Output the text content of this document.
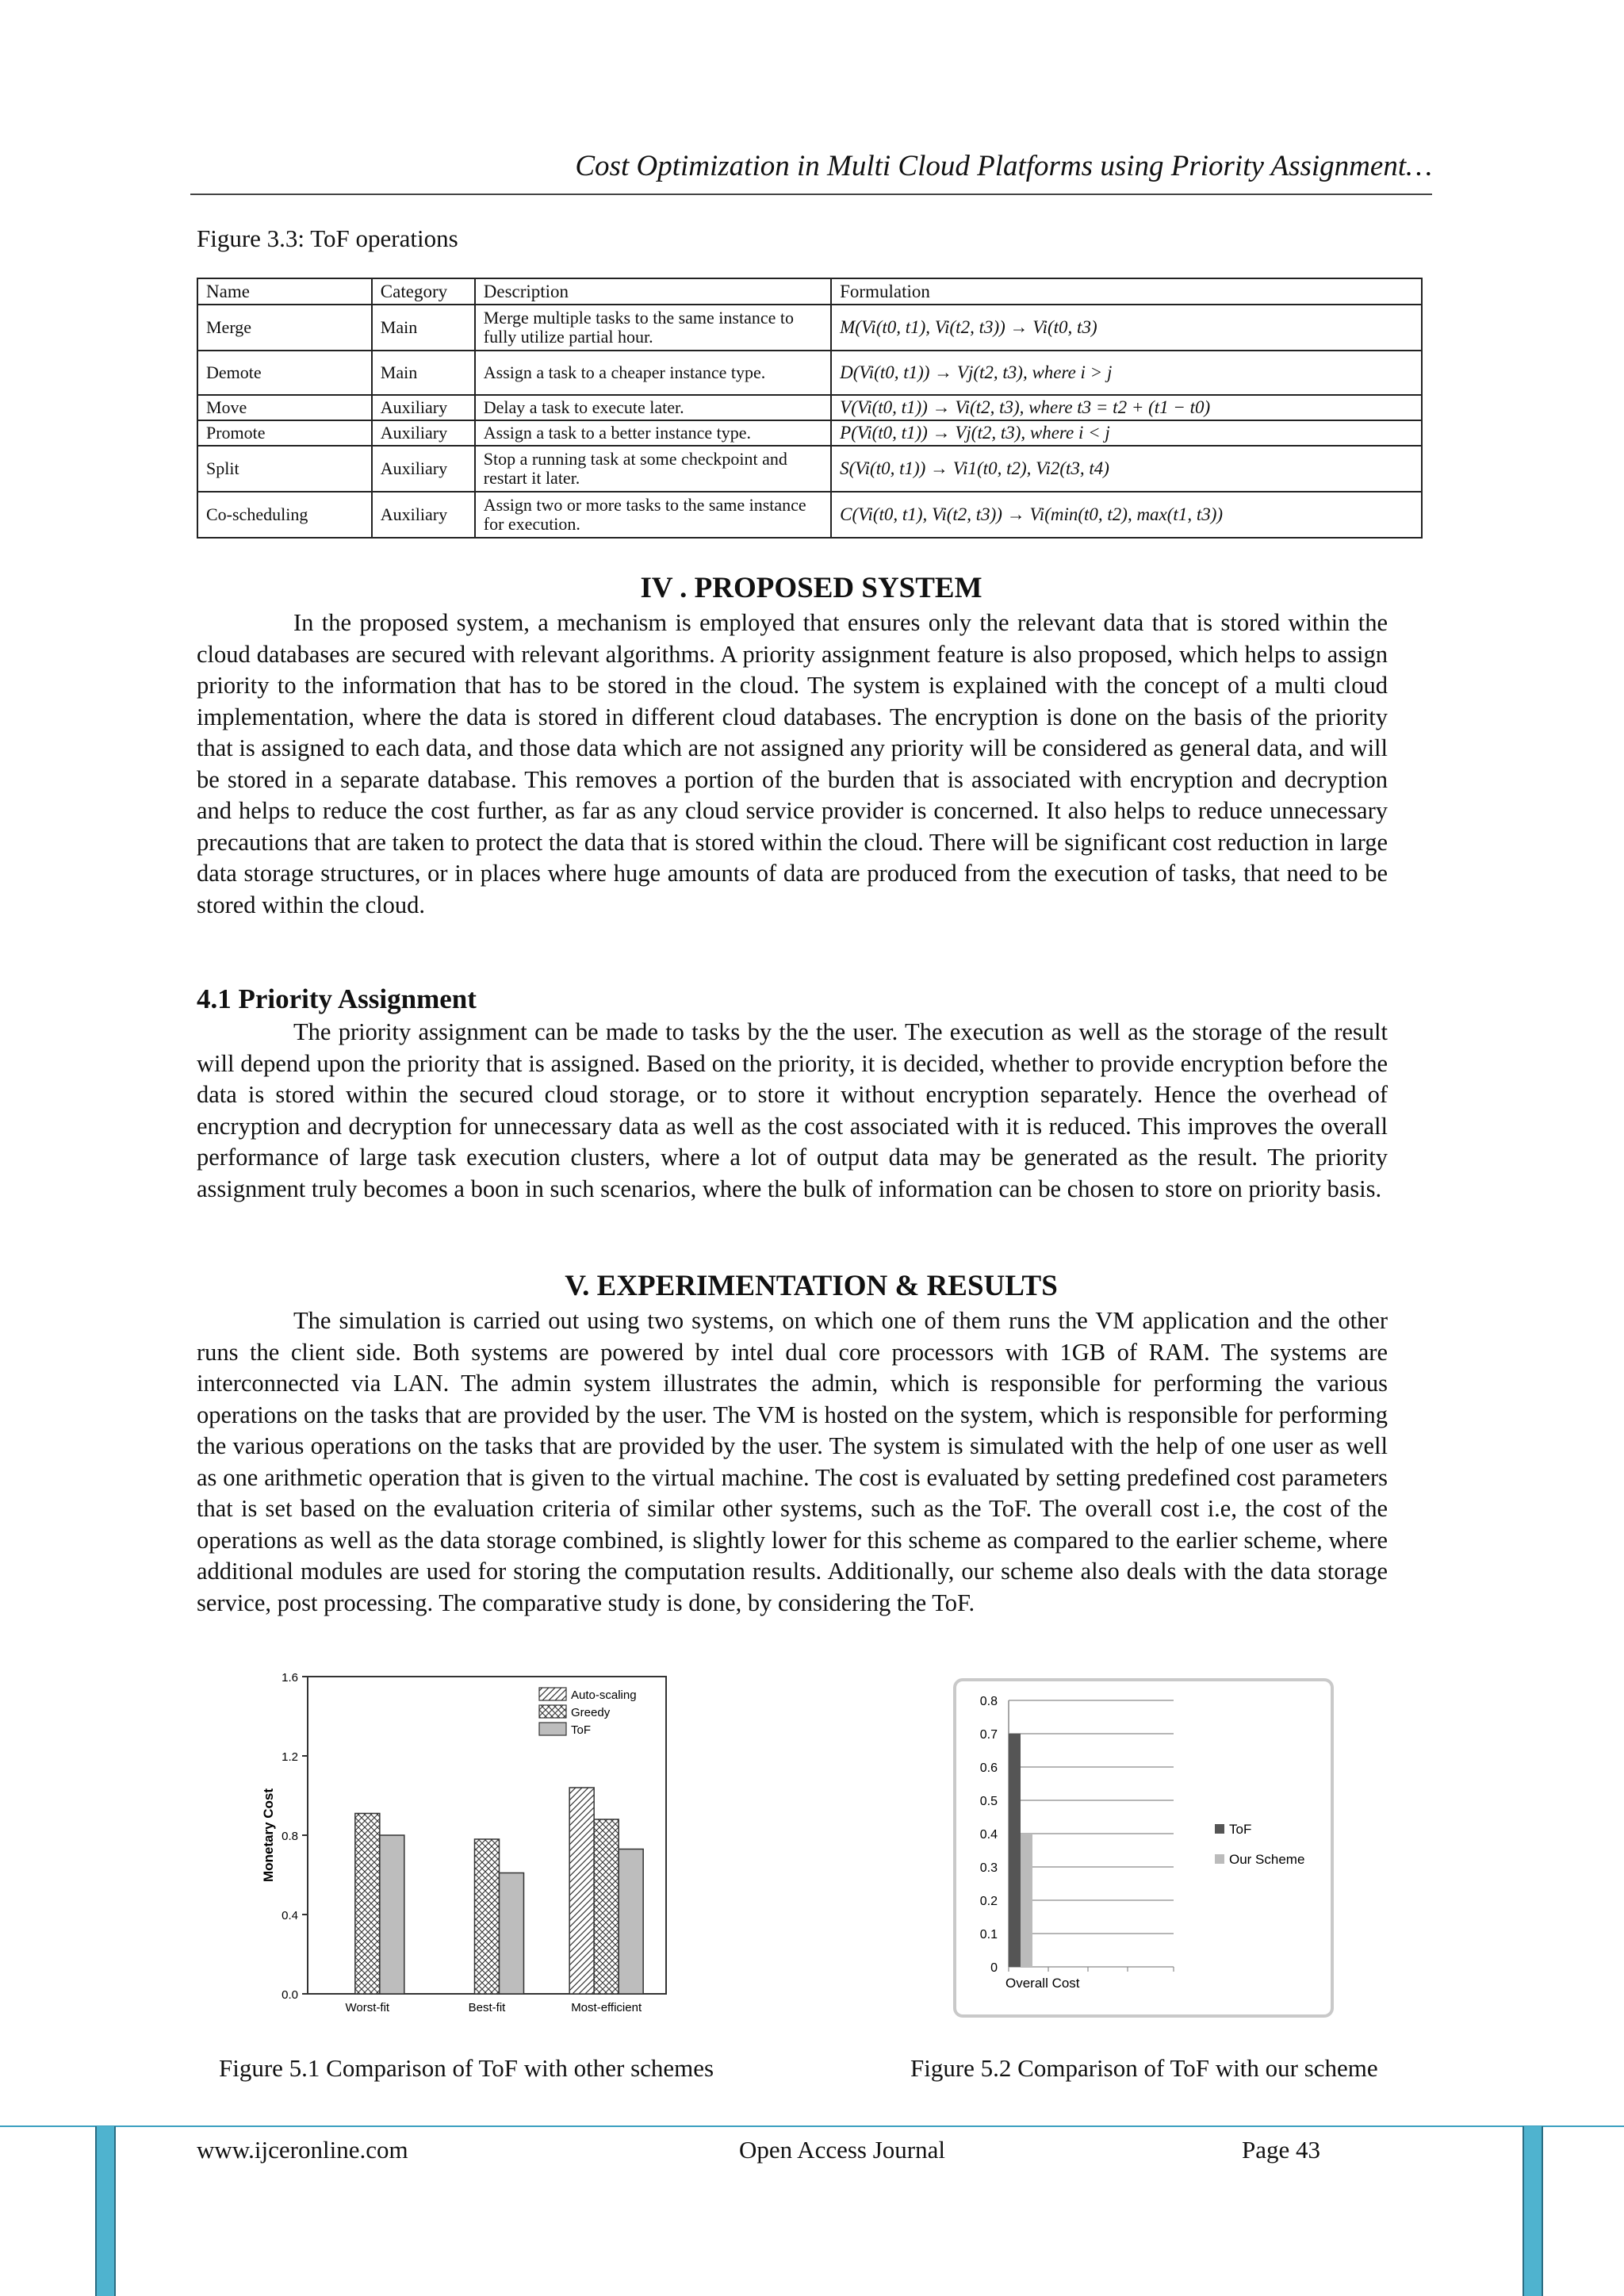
Cost Optimization in Multi Cloud Platforms using Priority Assignment…
Figure 3.3: ToF operations
Name	Category	Description	Formulation
Merge	Main	Merge multiple tasks to the same instance to fully utilize partial hour.	M(Vi(t0, t1), Vi(t2, t3)) → Vi(t0, t3)
Demote	Main	Assign a task to a cheaper instance type.	D(Vi(t0, t1)) → Vj(t2, t3), where i > j
Move	Auxiliary	Delay a task to execute later.	V(Vi(t0, t1)) → Vi(t2, t3), where t3 = t2 + (t1 − t0)
Promote	Auxiliary	Assign a task to a better instance type.	P(Vi(t0, t1)) → Vj(t2, t3), where i < j
Split	Auxiliary	Stop a running task at some checkpoint and restart it later.	S(Vi(t0, t1)) → Vi1(t0, t2), Vi2(t3, t4)
Co-scheduling	Auxiliary	Assign two or more tasks to the same instance for execution.	C(Vi(t0, t1), Vi(t2, t3)) → Vi(min(t0, t2), max(t1, t3))
IV . PROPOSED SYSTEM
In the proposed system, a mechanism is employed that ensures only the relevant data that is stored within the cloud databases are secured with relevant algorithms. A priority assignment feature is also proposed, which helps to assign priority to the information that has to be stored in the cloud. The system is explained with the concept of a multi cloud implementation, where the data is stored in different cloud databases. The encryption is done on the basis of the priority that is assigned to each data, and those data which are not assigned any priority will be considered as general data, and will be stored in a separate database. This removes a portion of the burden that is associated with encryption and decryption and helps to reduce the cost further, as far as any cloud service provider is concerned. It also helps to reduce unnecessary precautions that are taken to protect the data that is stored within the cloud. There will be significant cost reduction in large data storage structures, or in places where huge amounts of data are produced from the execution of tasks, that need to be stored within the cloud.
4.1 Priority Assignment
The priority assignment can be made to tasks by the the user. The execution as well as the storage of the result will depend upon the priority that is assigned. Based on the priority, it is decided, whether to provide encryption before the data is stored within the secured cloud storage, or to store it without encryption separately. Hence the overhead of encryption and decryption for unnecessary data as well as the cost associated with it is reduced. This improves the overall performance of large task execution clusters, where a lot of output data may be generated as the result. The priority assignment truly becomes a boon in such scenarios, where the bulk of information can be chosen to store on priority basis.
V. EXPERIMENTATION & RESULTS
The simulation is carried out using two systems, on which one of them runs the VM application and the other runs the client side. Both systems are powered by intel dual core processors with 1GB of RAM. The systems are interconnected via LAN. The admin system illustrates the admin, which is responsible for performing the various operations on the tasks that are provided by the user. The VM is hosted on the system, which is responsible for performing the various operations on the tasks that are provided by the user. The system is simulated with the help of one user as well as one arithmetic operation that is given to the virtual machine. The cost is evaluated by setting predefined cost parameters that is set based on the evaluation criteria of similar other systems, such as the ToF. The overall cost i.e, the cost of the operations as well as the data storage combined, is slightly lower for this scheme as compared to the earlier scheme, where additional modules are used for storing the computation results. Additionally, our scheme also deals with the data storage service, post processing. The comparative study is done, by considering the ToF.
Monetary Cost
0.0
0.4
0.8
1.2
1.6
Worst-fit	Best-fit	Most-efficient
Auto-scaling
Greedy
ToF
Figure 5.1 Comparison of ToF with other schemes
0
0.1
0.2
0.3
0.4
0.5
0.6
0.7
0.8
Overall Cost
ToF
Our Scheme
Figure 5.2 Comparison of ToF with our scheme
www.ijceronline.com	Open Access Journal	Page 43
